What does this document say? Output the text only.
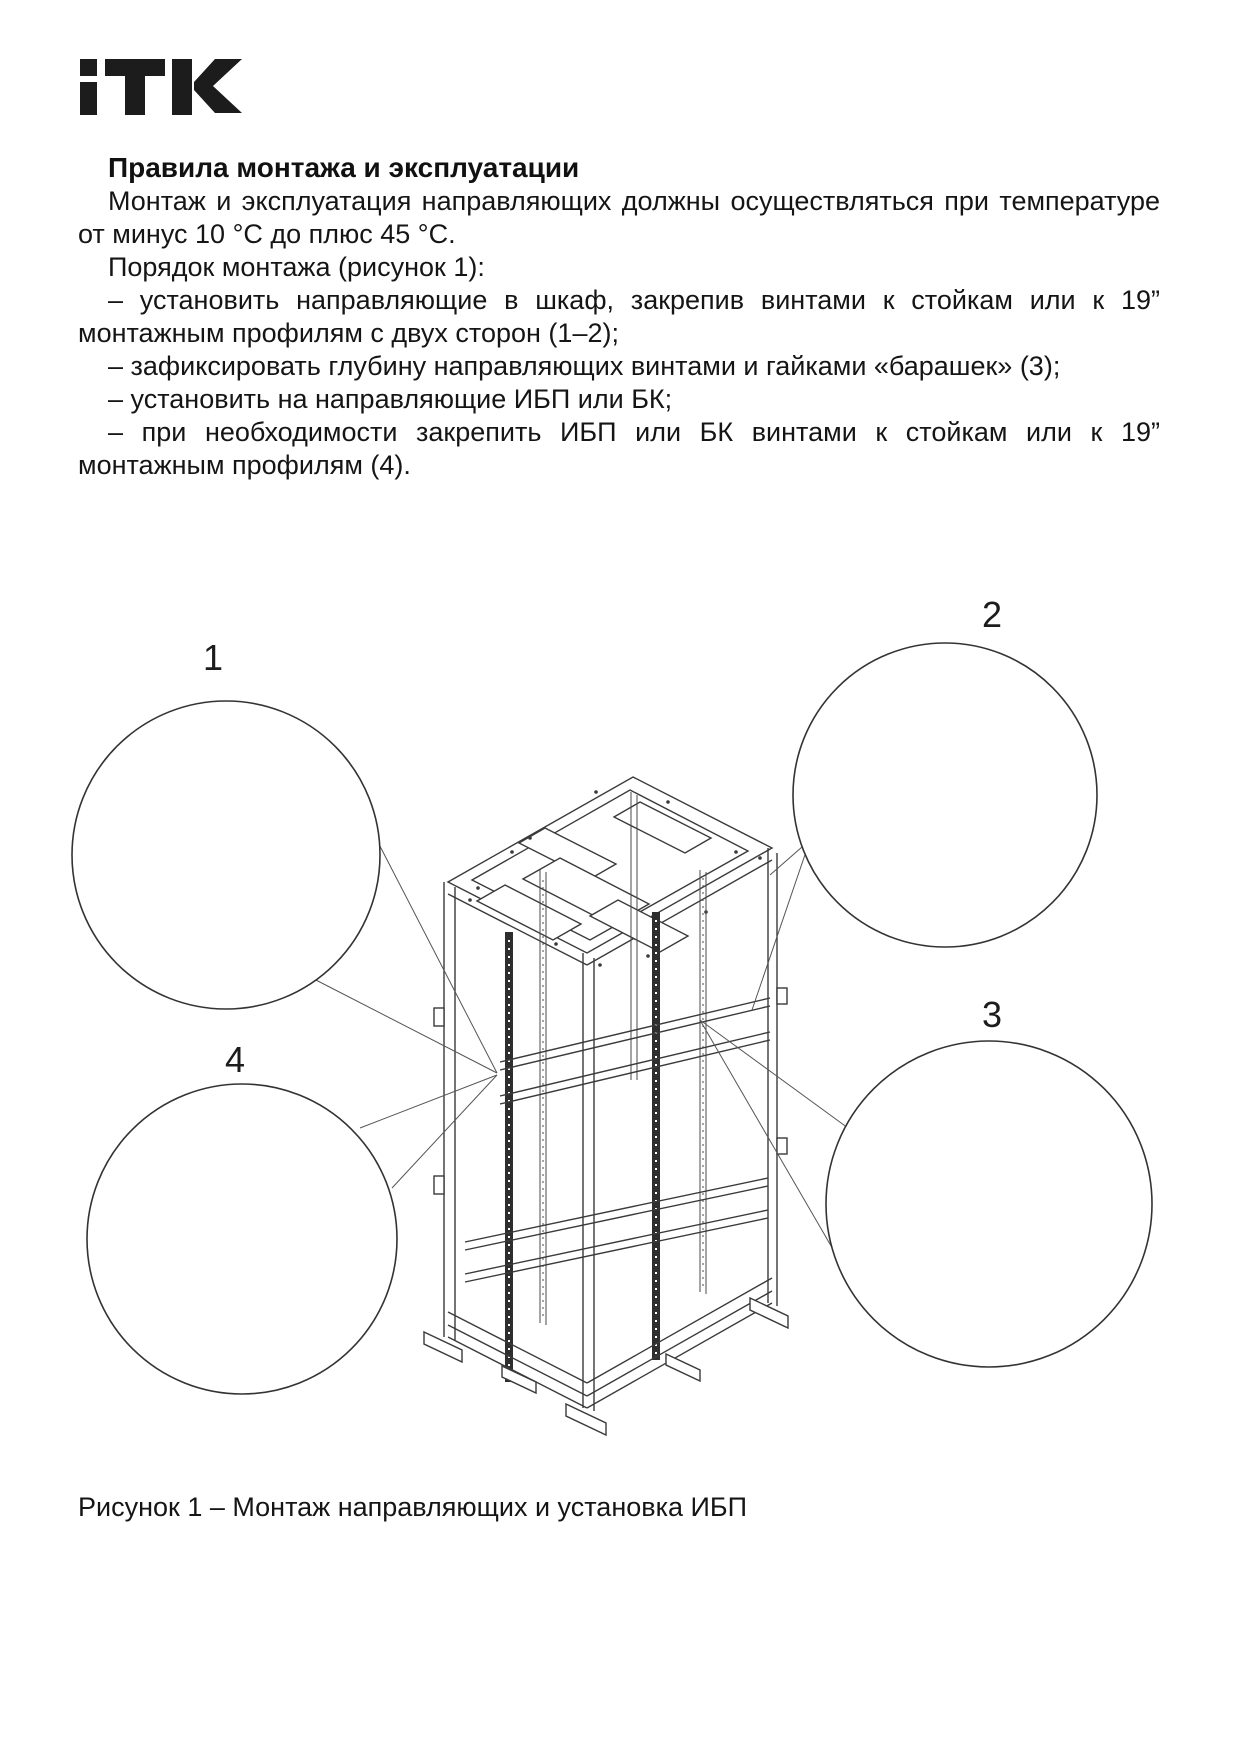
Правила монтажа и эксплуатации

Монтаж и эксплуатация направляющих должны осуществляться при температуре от минус 10 °С до плюс 45 °С.

Порядок монтажа (рисунок 1):

– установить направляющие в шкаф, закрепив винтами к стойкам или к 19” монтажным профилям с двух сторон (1–2);

– зафиксировать глубину направляющих винтами и гайками «барашек» (3);

– установить на направляющие ИБП или БК;

– при необходимости закрепить ИБП или БК винтами к стойкам или к 19” монтажным профилям (4).

1
2
3
4
Рисунок 1 – Монтаж направляющих и установка ИБП
